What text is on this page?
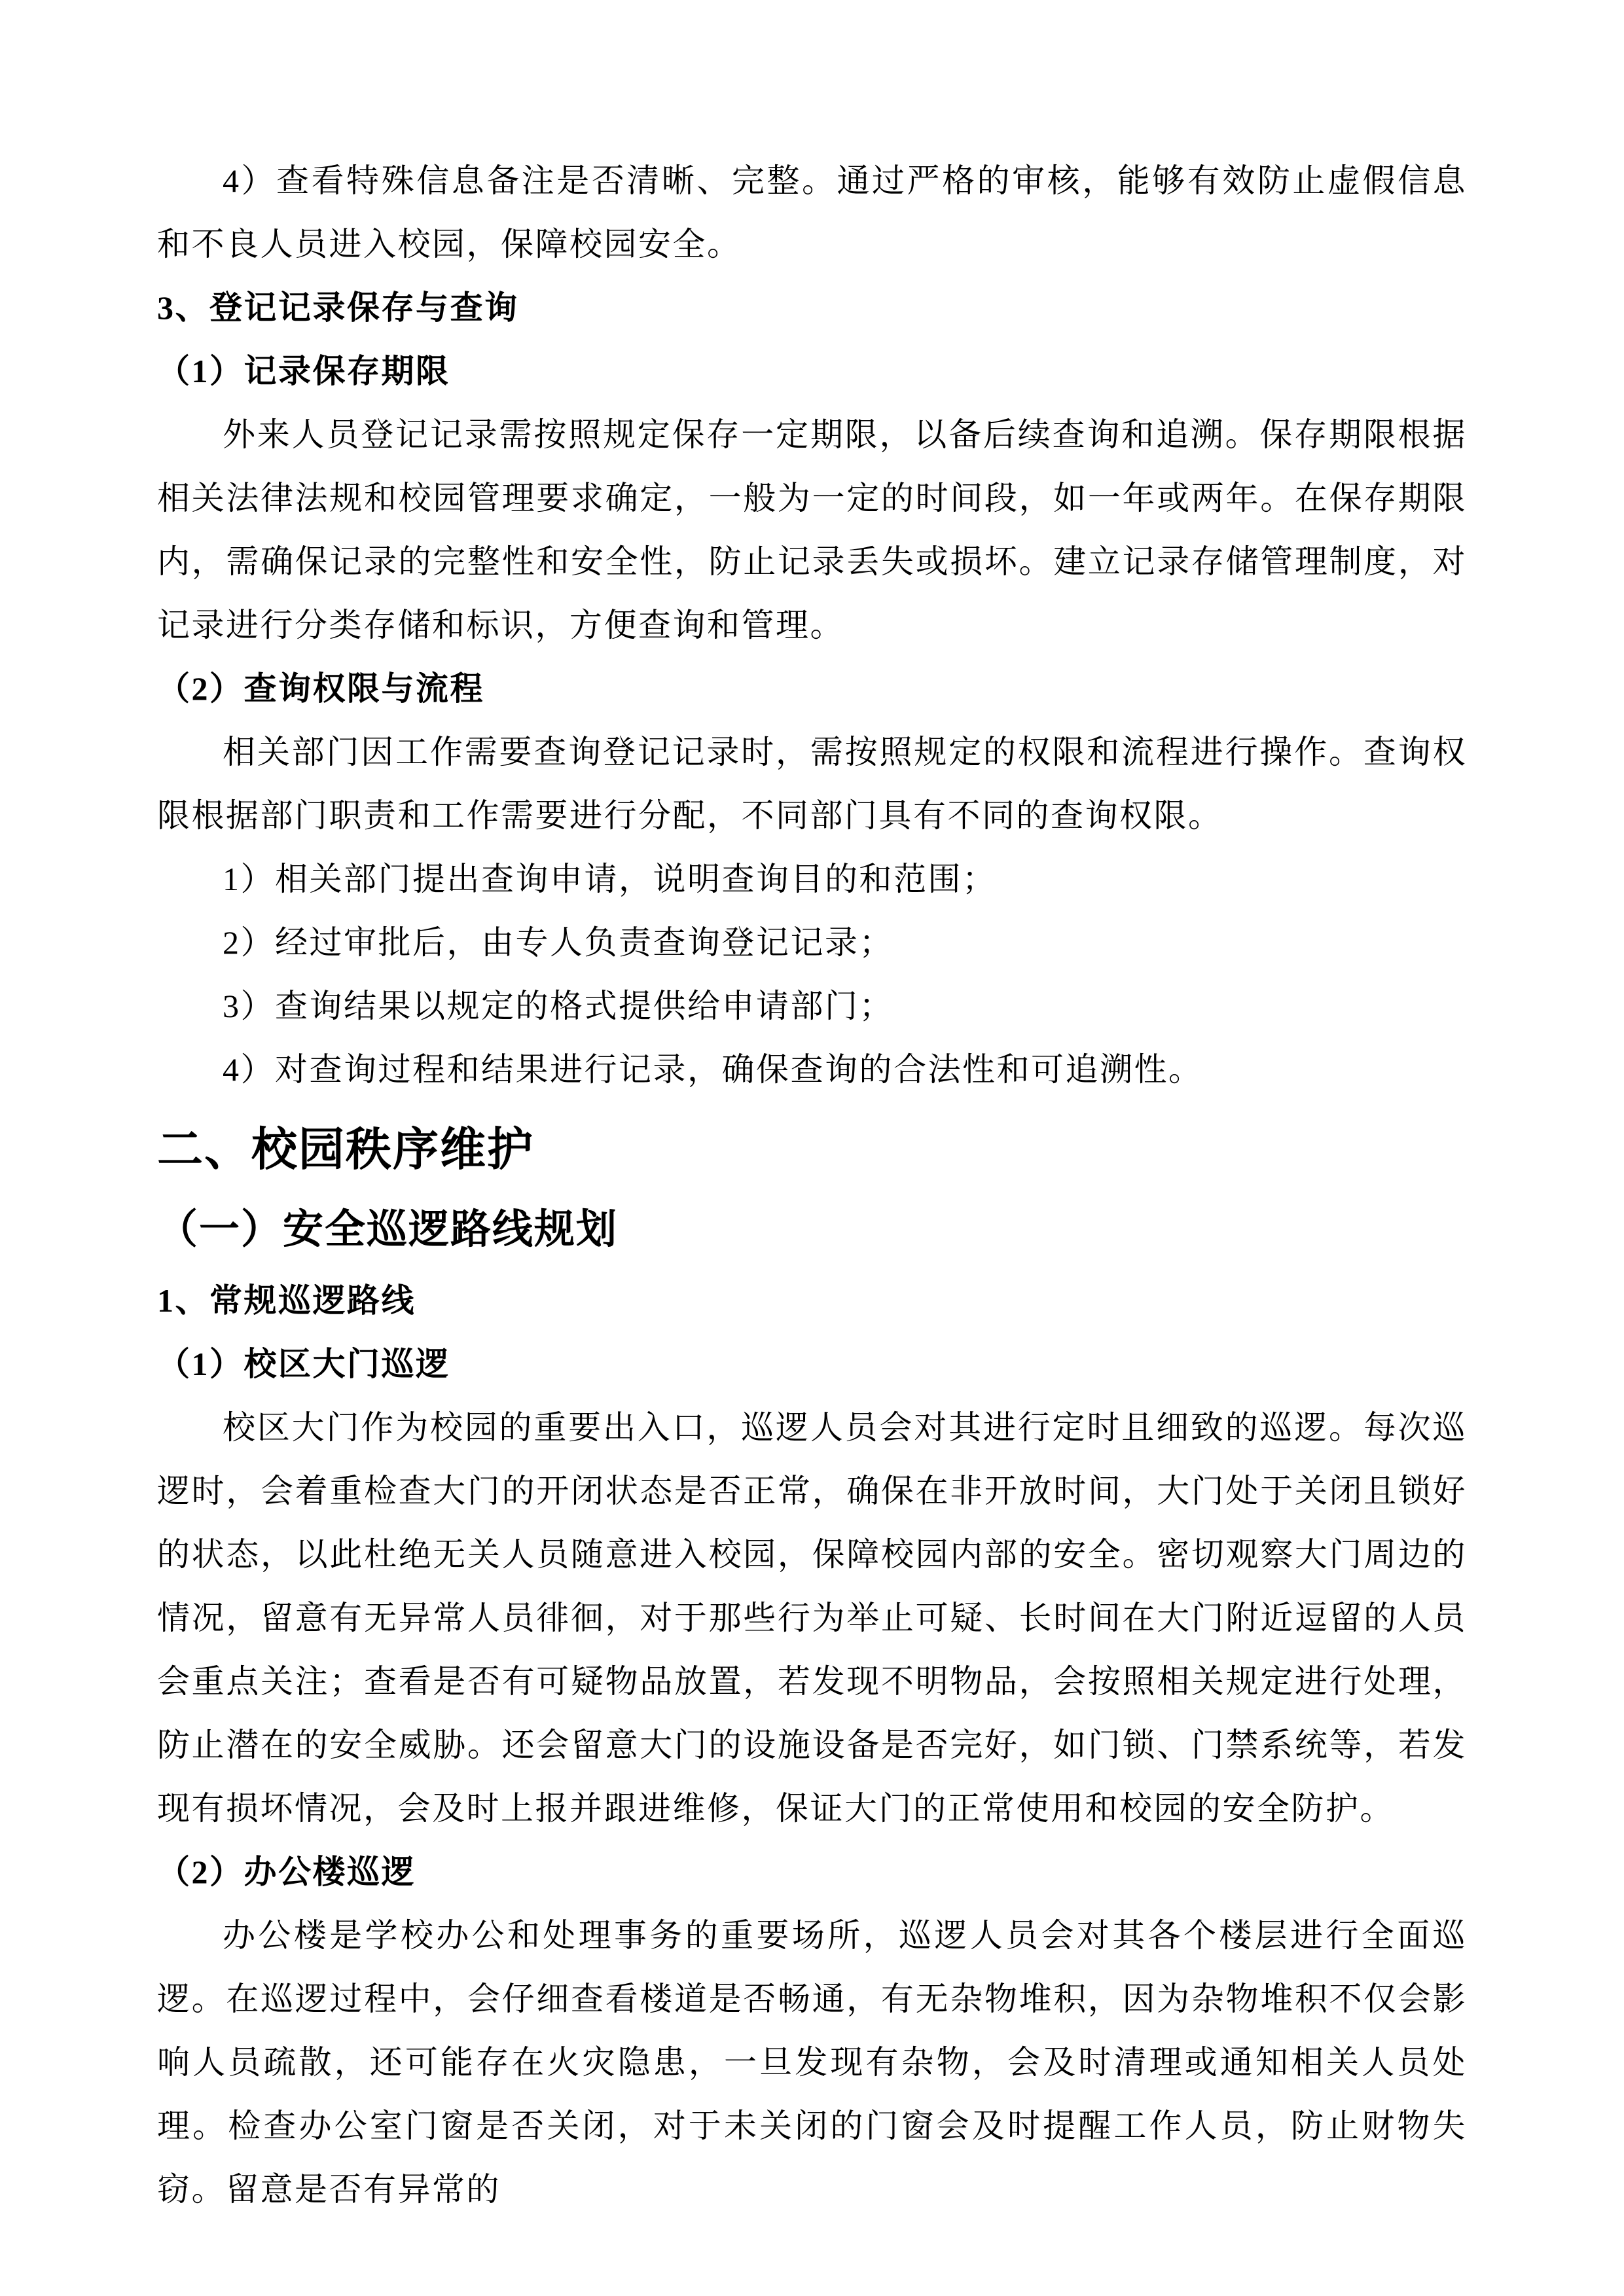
4）查看特殊信息备注是否清晰、完整。通过严格的审核，能够有效防止虚假信息和不良人员进入校园，保障校园安全。

3、登记记录保存与查询
（1）记录保存期限

外来人员登记记录需按照规定保存一定期限，以备后续查询和追溯。保存期限根据相关法律法规和校园管理要求确定，一般为一定的时间段，如一年或两年。在保存期限内，需确保记录的完整性和安全性，防止记录丢失或损坏。建立记录存储管理制度，对记录进行分类存储和标识，方便查询和管理。

（2）查询权限与流程

相关部门因工作需要查询登记记录时，需按照规定的权限和流程进行操作。查询权限根据部门职责和工作需要进行分配，不同部门具有不同的查询权限。

1）相关部门提出查询申请，说明查询目的和范围；

2）经过审批后，由专人负责查询登记记录；

3）查询结果以规定的格式提供给申请部门；

4）对查询过程和结果进行记录，确保查询的合法性和可追溯性。

二、校园秩序维护
（一）安全巡逻路线规划
1、常规巡逻路线
（1）校区大门巡逻

校区大门作为校园的重要出入口，巡逻人员会对其进行定时且细致的巡逻。每次巡逻时，会着重检查大门的开闭状态是否正常，确保在非开放时间，大门处于关闭且锁好的状态，以此杜绝无关人员随意进入校园，保障校园内部的安全。密切观察大门周边的情况，留意有无异常人员徘徊，对于那些行为举止可疑、长时间在大门附近逗留的人员会重点关注；查看是否有可疑物品放置，若发现不明物品，会按照相关规定进行处理，防止潜在的安全威胁。还会留意大门的设施设备是否完好，如门锁、门禁系统等，若发现有损坏情况，会及时上报并跟进维修，保证大门的正常使用和校园的安全防护。

（2）办公楼巡逻

办公楼是学校办公和处理事务的重要场所，巡逻人员会对其各个楼层进行全面巡逻。在巡逻过程中，会仔细查看楼道是否畅通，有无杂物堆积，因为杂物堆积不仅会影响人员疏散，还可能存在火灾隐患，一旦发现有杂物，会及时清理或通知相关人员处理。检查办公室门窗是否关闭，对于未关闭的门窗会及时提醒工作人员，防止财物失窃。留意是否有异常的
